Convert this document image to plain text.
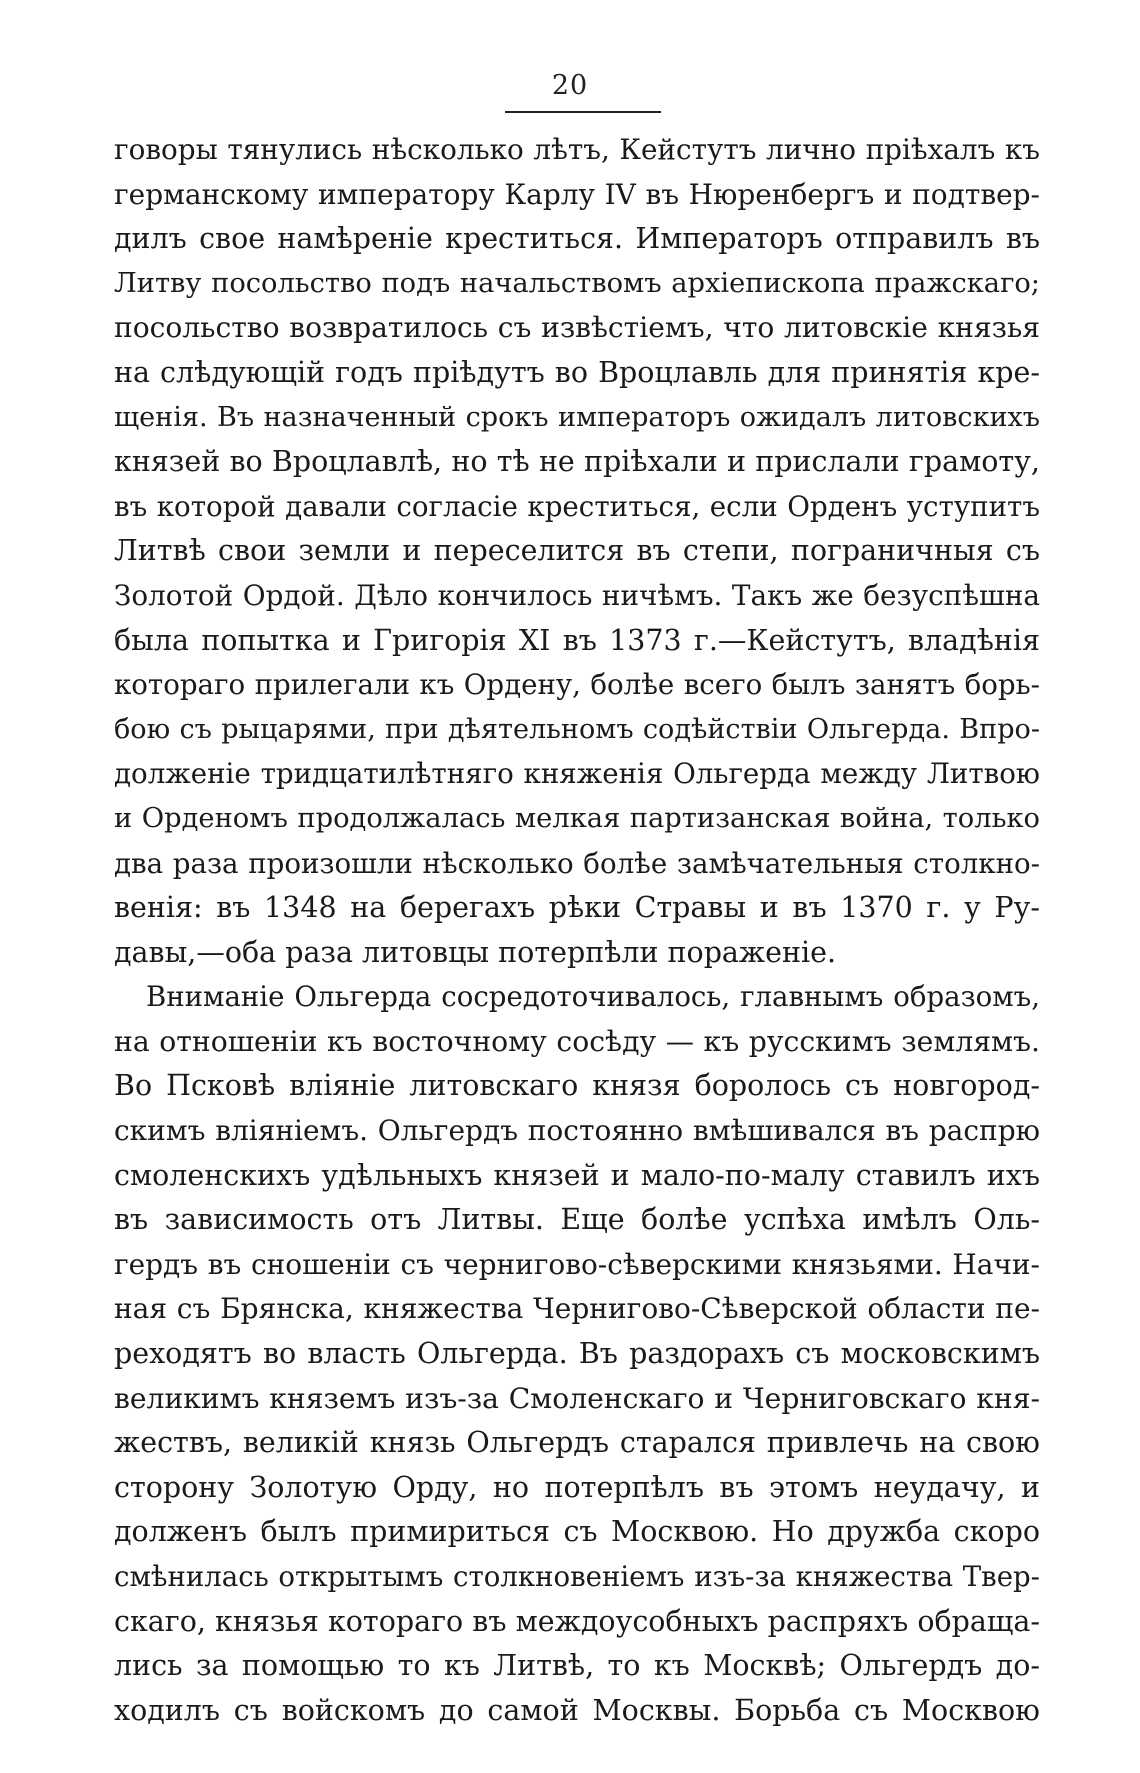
20
говоры тянулись нѣсколько лѣтъ, Кейстутъ лично пріѣхалъ къ
германскому императору Карлу IV въ Нюренбергъ и подтвер-
дилъ свое намѣреніе креститься. Императоръ отправилъ въ
Литву посольство подъ начальствомъ архіепископа пражскаго;
посольство возвратилось съ извѣстіемъ, что литовскіе князья
на слѣдующій годъ пріѣдутъ во Вроцлавль для принятія кре-
щенія. Въ назначенный срокъ императоръ ожидалъ литовскихъ
князей во Вроцлавлѣ, но тѣ не пріѣхали и прислали грамоту,
въ которой давали согласіе креститься, если Орденъ уступитъ
Литвѣ свои земли и переселится въ степи, пограничныя съ
Золотой Ордой. Дѣло кончилось ничѣмъ. Такъ же безуспѣшна
была попытка и Григорія XI въ 1373 г.—Кейстутъ, владѣнія
котораго прилегали къ Ордену, болѣе всего былъ занятъ борь-
бою съ рыцарями, при дѣятельномъ содѣйствіи Ольгерда. Впро-
долженіе тридцатилѣтняго княженія Ольгерда между Литвою
и Орденомъ продолжалась мелкая партизанская война, только
два раза произошли нѣсколько болѣе замѣчательныя столкно-
венія: въ 1348 на берегахъ рѣки Стравы и въ 1370 г. у Ру-
давы,—оба раза литовцы потерпѣли пораженіе.
Вниманіе Ольгерда сосредоточивалось, главнымъ образомъ,
на отношеніи къ восточному сосѣду — къ русскимъ землямъ.
Во Псковѣ вліяніе литовскаго князя боролось съ новгород-
скимъ вліяніемъ. Ольгердъ постоянно вмѣшивался въ распрю
смоленскихъ удѣльныхъ князей и мало-по-малу ставилъ ихъ
въ зависимость отъ Литвы. Еще болѣе успѣха имѣлъ Оль-
гердъ въ сношеніи съ чернигово-сѣверскими князьями. Начи-
ная съ Брянска, княжества Чернигово-Сѣверской области пе-
реходятъ во власть Ольгерда. Въ раздорахъ съ московскимъ
великимъ княземъ изъ-за Смоленскаго и Черниговскаго кня-
жествъ, великій князь Ольгердъ старался привлечь на свою
сторону Золотую Орду, но потерпѣлъ въ этомъ неудачу, и
долженъ былъ примириться съ Москвою. Но дружба скоро
смѣнилась открытымъ столкновеніемъ изъ-за княжества Твер-
скаго, князья котораго въ междоусобныхъ распряхъ обраща-
лись за помощью то къ Литвѣ, то къ Москвѣ; Ольгердъ до-
ходилъ съ войскомъ до самой Москвы. Борьба съ Москвою
